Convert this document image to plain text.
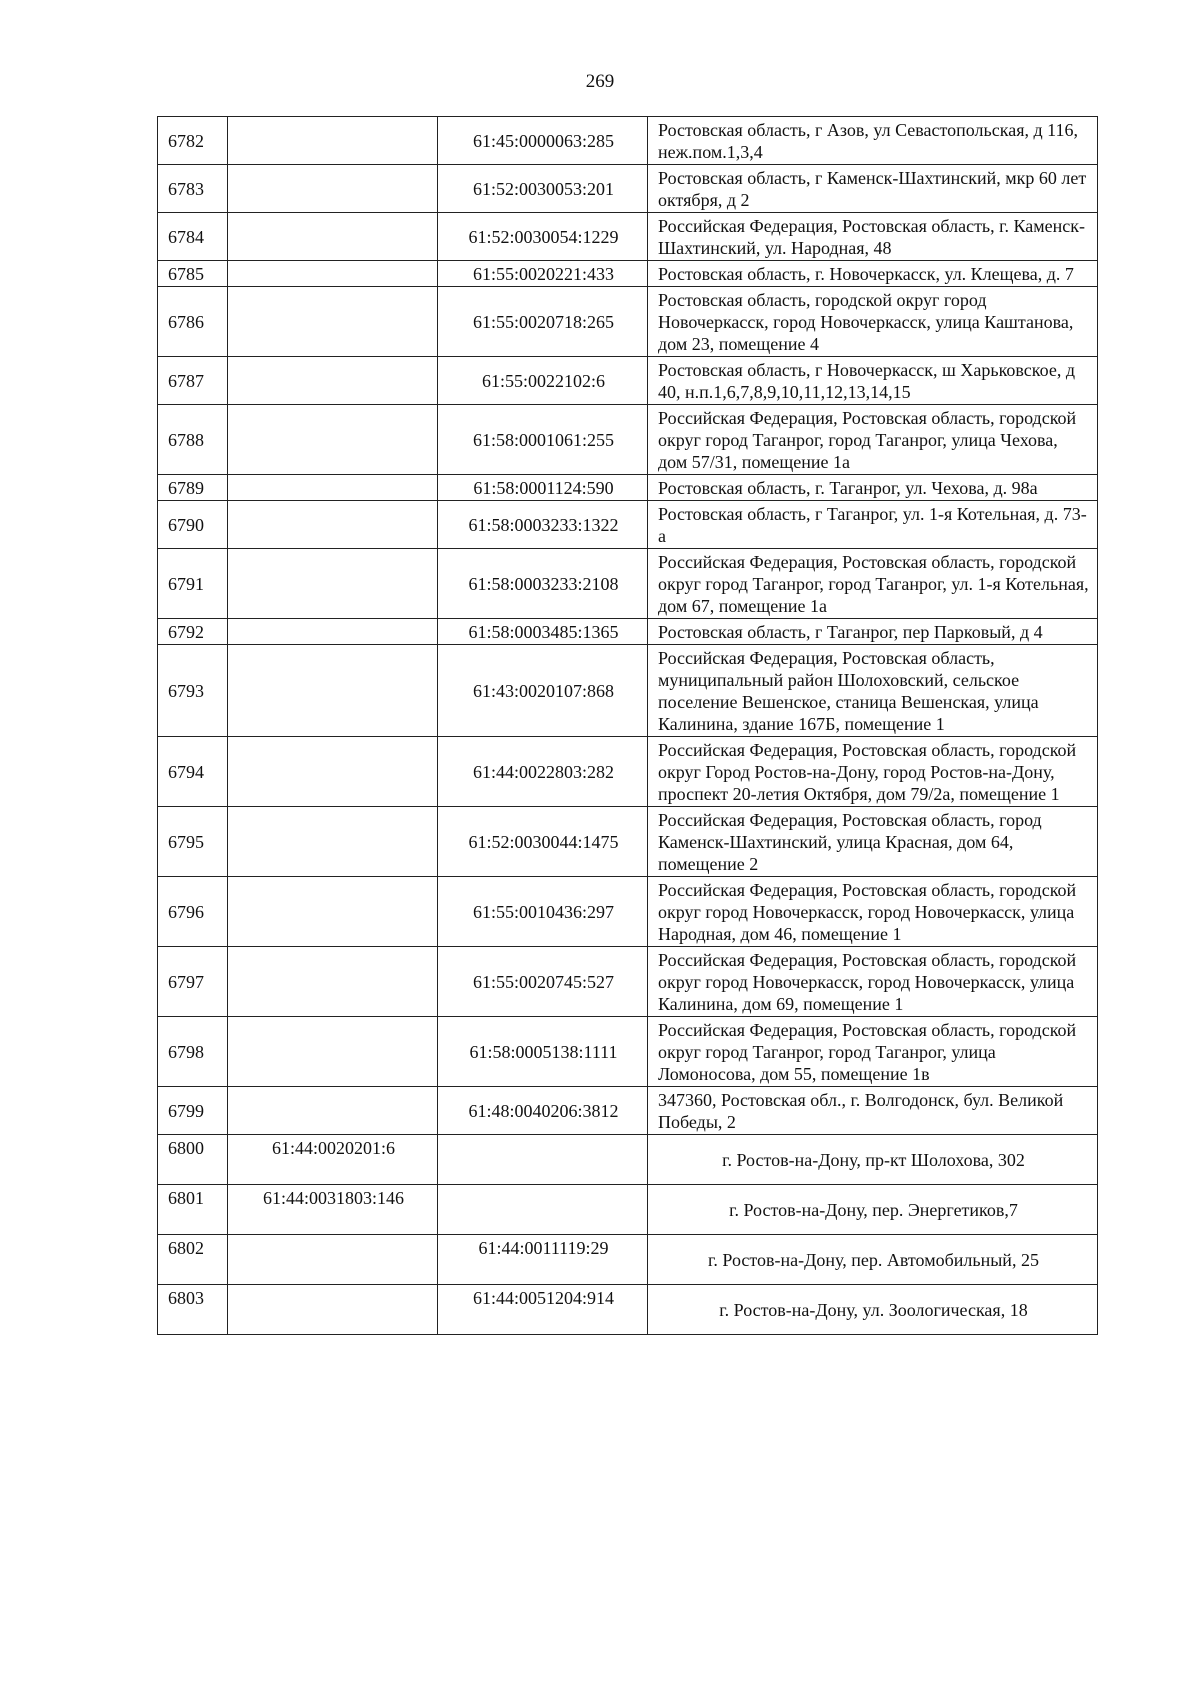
269
6782		61:45:0000063:285	Ростовская область, г Азов, ул Севастопольская, д 116, неж.пом.1,3,4
6783		61:52:0030053:201	Ростовская область, г Каменск-Шахтинский, мкр 60 лет октября, д 2
6784		61:52:0030054:1229	Российская Федерация, Ростовская область, г. Каменск-Шахтинский, ул. Народная, 48
6785		61:55:0020221:433	Ростовская область, г. Новочеркасск, ул. Клещева, д. 7
6786		61:55:0020718:265	Ростовская область, городской округ город Новочеркасск, город Новочеркасск, улица Каштанова, дом 23, помещение 4
6787		61:55:0022102:6	Ростовская область, г Новочеркасск, ш Харьковское, д 40, н.п.1,6,7,8,9,10,11,12,13,14,15
6788		61:58:0001061:255	Российская Федерация, Ростовская область, городской округ город Таганрог, город Таганрог, улица Чехова, дом 57/31, помещение 1а
6789		61:58:0001124:590	Ростовская область, г. Таганрог, ул. Чехова, д. 98а
6790		61:58:0003233:1322	Ростовская область, г Таганрог, ул. 1-я Котельная, д. 73-а
6791		61:58:0003233:2108	Российская Федерация, Ростовская область, городской округ город Таганрог, город Таганрог, ул. 1-я Котельная, дом 67, помещение 1а
6792		61:58:0003485:1365	Ростовская область, г Таганрог, пер Парковый, д 4
6793		61:43:0020107:868	Российская Федерация, Ростовская область, муниципальный район Шолоховский, сельское поселение Вешенское, станица Вешенская, улица Калинина, здание 167Б, помещение 1
6794		61:44:0022803:282	Российская Федерация, Ростовская область, городской округ Город Ростов-на-Дону, город Ростов-на-Дону, проспект 20-летия Октября, дом 79/2а, помещение 1
6795		61:52:0030044:1475	Российская Федерация, Ростовская область, город Каменск-Шахтинский, улица Красная, дом 64, помещение 2
6796		61:55:0010436:297	Российская Федерация, Ростовская область, городской округ город Новочеркасск, город Новочеркасск, улица Народная, дом 46, помещение 1
6797		61:55:0020745:527	Российская Федерация, Ростовская область, городской округ город Новочеркасск, город Новочеркасск, улица Калинина, дом 69, помещение 1
6798		61:58:0005138:1111	Российская Федерация, Ростовская область, городской округ город Таганрог, город Таганрог, улица Ломоносова, дом 55, помещение 1в
6799		61:48:0040206:3812	347360, Ростовская обл., г. Волгодонск, бул. Великой Победы, 2
6800	61:44:0020201:6		г. Ростов-на-Дону, пр-кт Шолохова, 302
6801	61:44:0031803:146		г. Ростов-на-Дону, пер. Энергетиков,7
6802		61:44:0011119:29	г. Ростов-на-Дону, пер. Автомобильный, 25
6803		61:44:0051204:914	г. Ростов-на-Дону, ул. Зоологическая, 18
